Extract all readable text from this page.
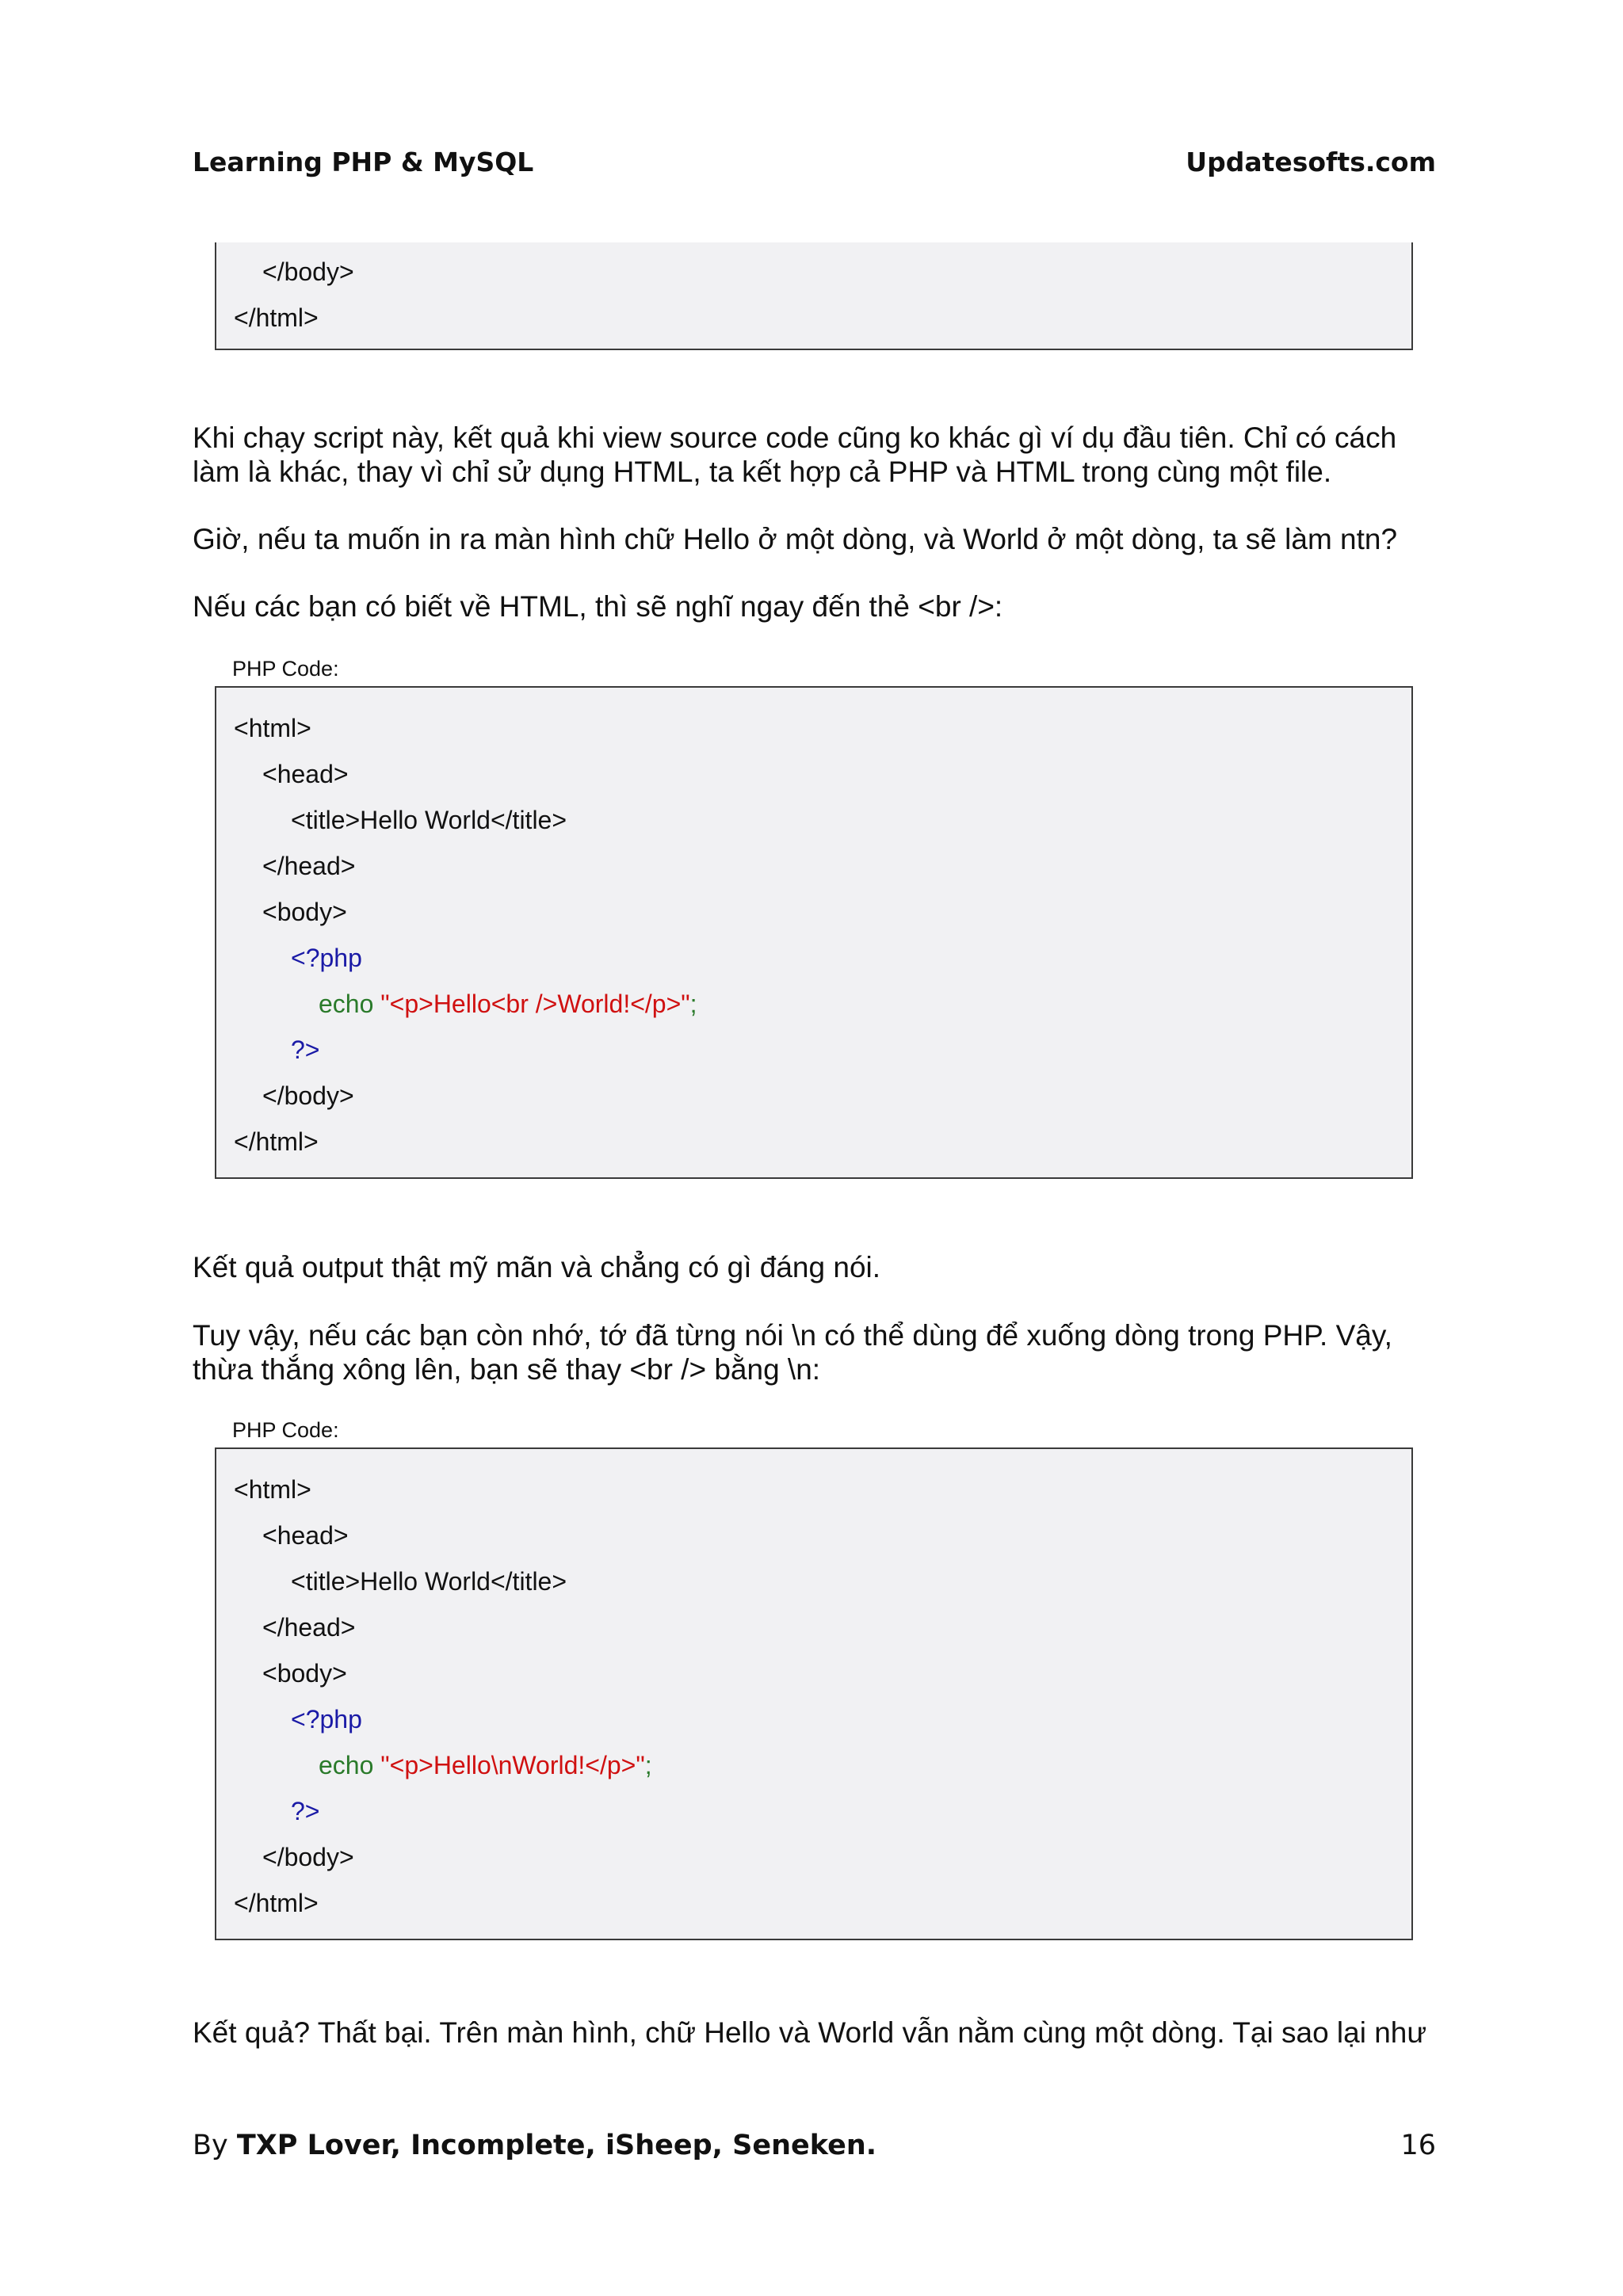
Learning PHP & MySQL	Updatesofts.com
</body>
</html>
Khi chạy script này, kết quả khi view source code cũng ko khác gì ví dụ đầu tiên. Chỉ có cách
làm là khác, thay vì chỉ sử dụng HTML, ta kết hợp cả PHP và HTML trong cùng một file.
Giờ, nếu ta muốn in ra màn hình chữ Hello ở một dòng, và World ở một dòng, ta sẽ làm ntn?
Nếu các bạn có biết về HTML, thì sẽ nghĩ ngay đến thẻ <br />:
PHP Code:
<html>
<head>
<title>Hello World</title>
</head>
<body>
<?php
echo "<p>Hello<br />World!</p>";
?>
</body>
</html>
Kết quả output thật mỹ mãn và chẳng có gì đáng nói.
Tuy vậy, nếu các bạn còn nhớ, tớ đã từng nói \n có thể dùng để xuống dòng trong PHP. Vậy,
thừa thắng xông lên, bạn sẽ thay <br /> bằng \n:
PHP Code:
<html>
<head>
<title>Hello World</title>
</head>
<body>
<?php
echo "<p>Hello\nWorld!</p>";
?>
</body>
</html>
Kết quả? Thất bại. Trên màn hình, chữ Hello và World vẫn nằm cùng một dòng. Tại sao lại như
By TXP Lover, Incomplete, iSheep, Seneken.	16
